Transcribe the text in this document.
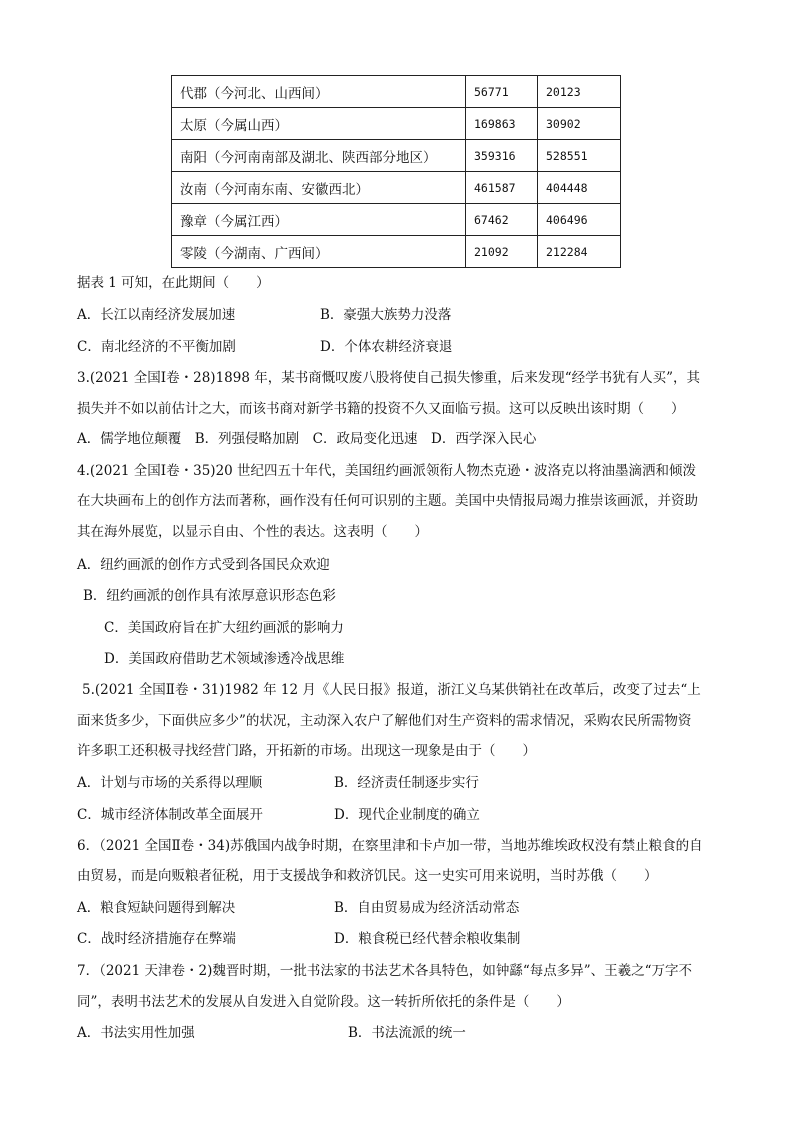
代郡（今河北、山西间）	56771	20123
太原（今属山西）	169863	30902
南阳（今河南南部及湖北、陕西部分地区）	359316	528551
汝南（今河南东南、安徽西北）	461587	404448
豫章（今属江西）	67462	406496
零陵（今湖南、广西间）	21092	212284
据表 1 可知，在此期间（　　）
A．长江以南经济发展加速	B．豪强大族势力没落
C．南北经济的不平衡加剧	D．个体农耕经济衰退
3.(2021 全国Ⅰ卷・28)1898 年，某书商慨叹废八股将使自己损失惨重，后来发现“经学书犹有人买”，其
损失并不如以前估计之大，而该书商对新学书籍的投资不久又面临亏损。这可以反映出该时期（　　）
A．儒学地位颠覆　B．列强侵略加剧　C．政局变化迅速　D．西学深入民心
4.(2021 全国Ⅰ卷・35)20 世纪四五十年代，美国纽约画派领衔人物杰克逊・波洛克以将油墨滴洒和倾泼
在大块画布上的创作方法而著称，画作没有任何可识别的主题。美国中央情报局竭力推崇该画派，并资助
其在海外展览，以显示自由、个性的表达。这表明（　　）
A．纽约画派的创作方式受到各国民众欢迎
B．纽约画派的创作具有浓厚意识形态色彩
C．美国政府旨在扩大纽约画派的影响力
D．美国政府借助艺术领域渗透冷战思维
5.(2021 全国Ⅱ卷・31)1982 年 12 月《人民日报》报道，浙江义乌某供销社在改革后，改变了过去“上
面来货多少，下面供应多少”的状况，主动深入农户了解他们对生产资料的需求情况，采购农民所需物资
许多职工还积极寻找经营门路，开拓新的市场。出现这一现象是由于（　　）
A．计划与市场的关系得以理顺	B．经济责任制逐步实行
C．城市经济体制改革全面展开	D．现代企业制度的确立
6．（2021 全国Ⅱ卷・34)苏俄国内战争时期，在察里津和卡卢加一带，当地苏维埃政权没有禁止粮食的自
由贸易，而是向贩粮者征税，用于支援战争和救济饥民。这一史实可用来说明，当时苏俄（　　）
A．粮食短缺问题得到解决	B．自由贸易成为经济活动常态
C．战时经济措施存在弊端	D．粮食税已经代替余粮收集制
7．（2021 天津卷・2)魏晋时期，一批书法家的书法艺术各具特色，如钟繇“每点多异”、王羲之“万字不
同”，表明书法艺术的发展从自发进入自觉阶段。这一转折所依托的条件是（　　）
A．书法实用性加强	B．书法流派的统一
